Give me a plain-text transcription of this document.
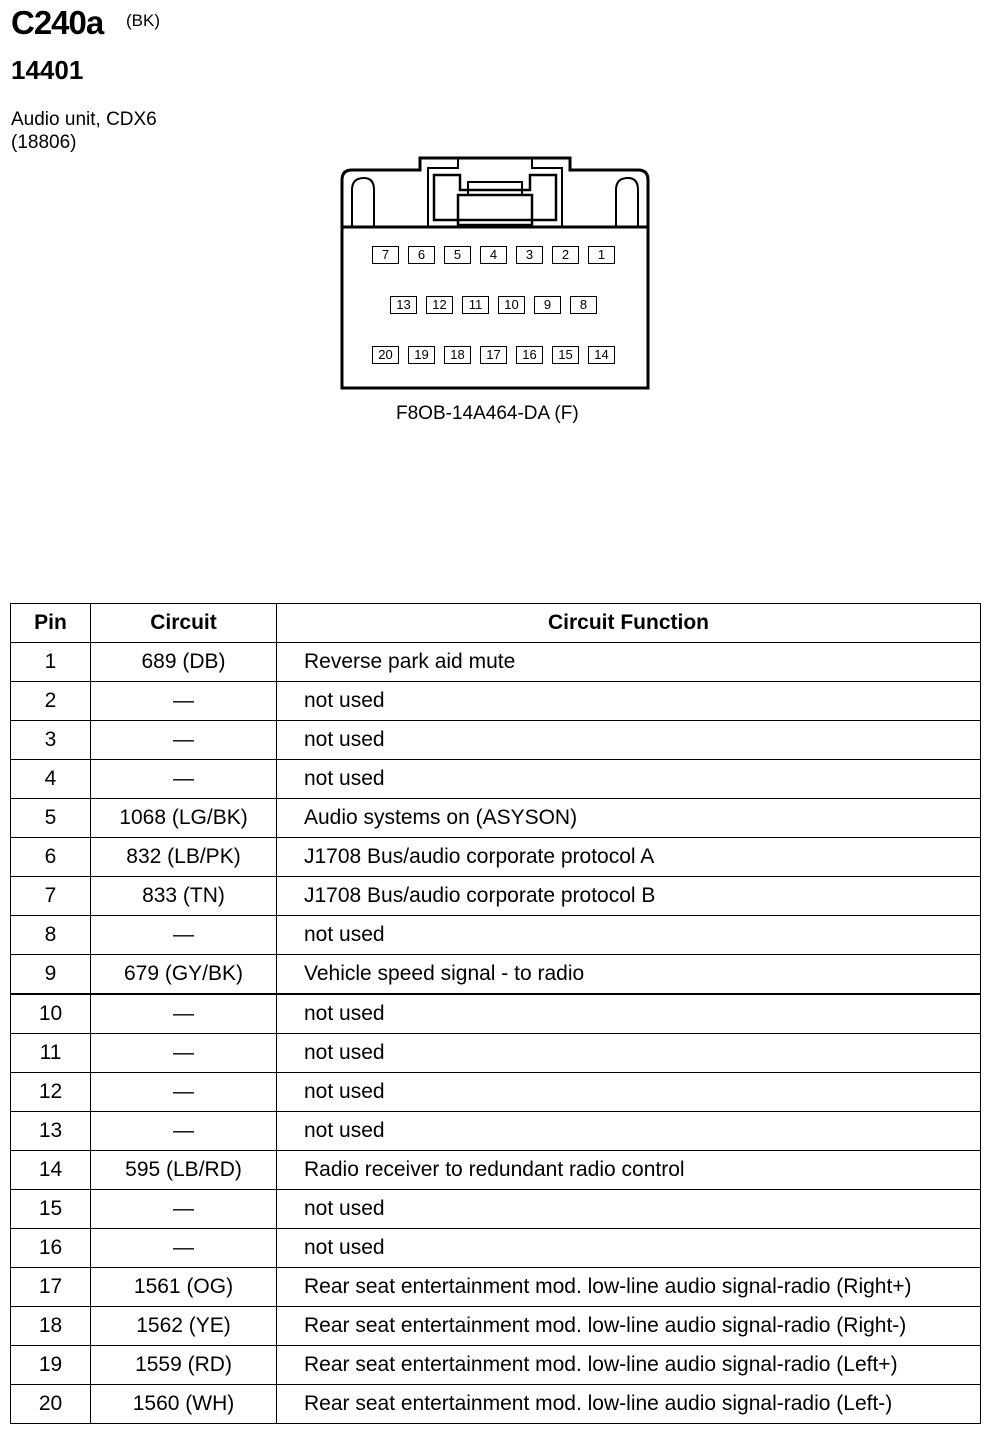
C240a (BK)
14401
Audio unit, CDX6
(18806)
7	6	5	4	3	2	1
13	12	11	10	9	8
20	19	18	17	16	15	14
F8OB-14A464-DA (F)
Pin	Circuit	Circuit Function
1	689 (DB)	Reverse park aid mute
2	—	not used
3	—	not used
4	—	not used
5	1068 (LG/BK)	Audio systems on (ASYSON)
6	832 (LB/PK)	J1708 Bus/audio corporate protocol A
7	833 (TN)	J1708 Bus/audio corporate protocol B
8	—	not used
9	679 (GY/BK)	Vehicle speed signal - to radio
10	—	not used
11	—	not used
12	—	not used
13	—	not used
14	595 (LB/RD)	Radio receiver to redundant radio control
15	—	not used
16	—	not used
17	1561 (OG)	Rear seat entertainment mod. low-line audio signal-radio (Right+)
18	1562 (YE)	Rear seat entertainment mod. low-line audio signal-radio (Right-)
19	1559 (RD)	Rear seat entertainment mod. low-line audio signal-radio (Left+)
20	1560 (WH)	Rear seat entertainment mod. low-line audio signal-radio (Left-)
